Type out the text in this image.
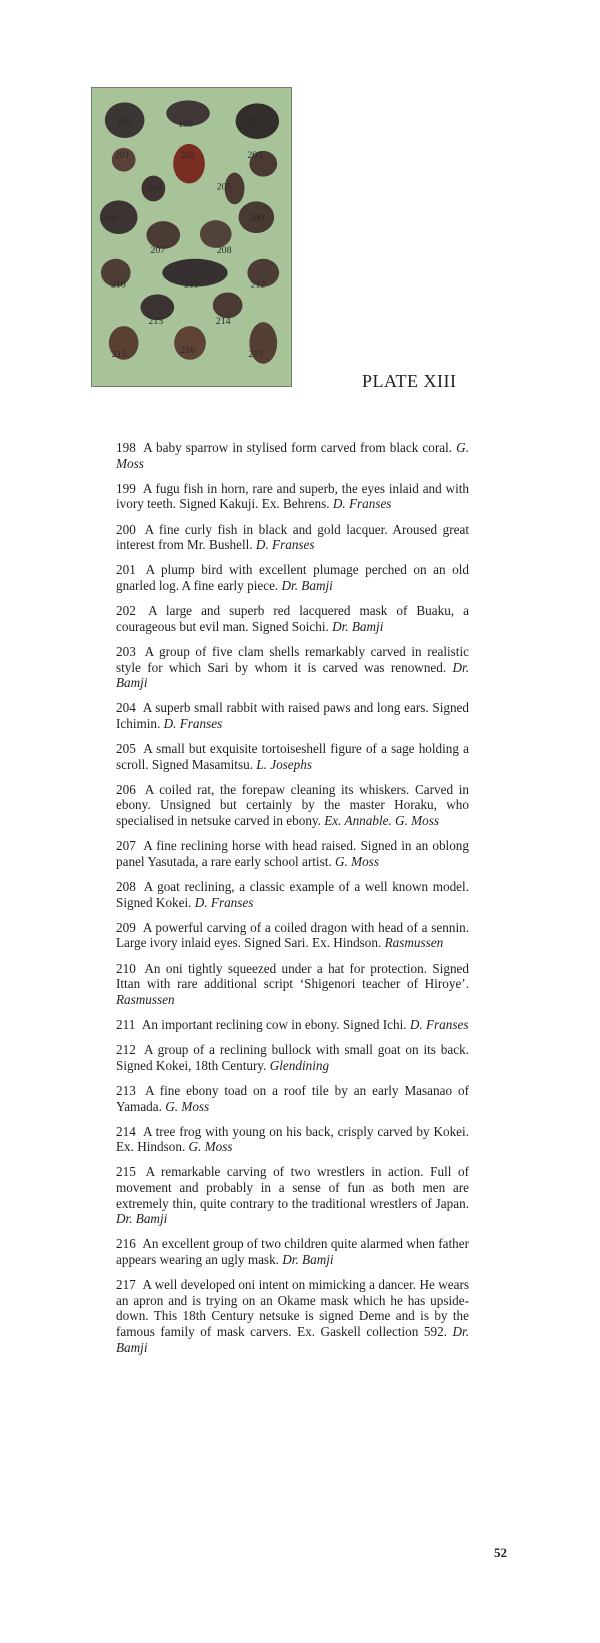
198	199	200
201	202	203
204	205
206	209
207	208
210	211	212
213	214
215	216	217
PLATE XIII

198 A baby sparrow in stylised form carved from black coral. G. Moss

199 A fugu fish in horn, rare and superb, the eyes inlaid and with ivory teeth. Signed Kakuji. Ex. Behrens. D. Franses

200 A fine curly fish in black and gold lacquer. Aroused great interest from Mr. Bushell. D. Franses

201 A plump bird with excellent plumage perched on an old gnarled log. A fine early piece. Dr. Bamji

202 A large and superb red lacquered mask of Buaku, a courageous but evil man. Signed Soichi. Dr. Bamji

203 A group of five clam shells remarkably carved in realistic style for which Sari by whom it is carved was renowned. Dr. Bamji

204 A superb small rabbit with raised paws and long ears. Signed Ichimin. D. Franses

205 A small but exquisite tortoiseshell figure of a sage holding a scroll. Signed Masamitsu. L. Josephs

206 A coiled rat, the forepaw cleaning its whiskers. Carved in ebony. Unsigned but certainly by the master Horaku, who specialised in netsuke carved in ebony. Ex. Annable. G. Moss

207 A fine reclining horse with head raised. Signed in an oblong panel Yasutada, a rare early school artist. G. Moss

208 A goat reclining, a classic example of a well known model. Signed Kokei. D. Franses

209 A powerful carving of a coiled dragon with head of a sennin. Large ivory inlaid eyes. Signed Sari. Ex. Hindson. Rasmussen

210 An oni tightly squeezed under a hat for protection. Signed Ittan with rare additional script ‘Shigenori teacher of Hiroye’. Rasmussen

211 An important reclining cow in ebony. Signed Ichi. D. Franses

212 A group of a reclining bullock with small goat on its back. Signed Kokei, 18th Century. Glendining

213 A fine ebony toad on a roof tile by an early Masanao of Yamada. G. Moss

214 A tree frog with young on his back, crisply carved by Kokei. Ex. Hindson. G. Moss

215 A remarkable carving of two wrestlers in action. Full of movement and probably in a sense of fun as both men are extremely thin, quite contrary to the traditional wrestlers of Japan. Dr. Bamji

216 An excellent group of two children quite alarmed when father appears wearing an ugly mask. Dr. Bamji

217 A well developed oni intent on mimicking a dancer. He wears an apron and is trying on an Okame mask which he has upside-down. This 18th Century netsuke is signed Deme and is by the famous family of mask carvers. Ex. Gaskell collection 592. Dr. Bamji

52
